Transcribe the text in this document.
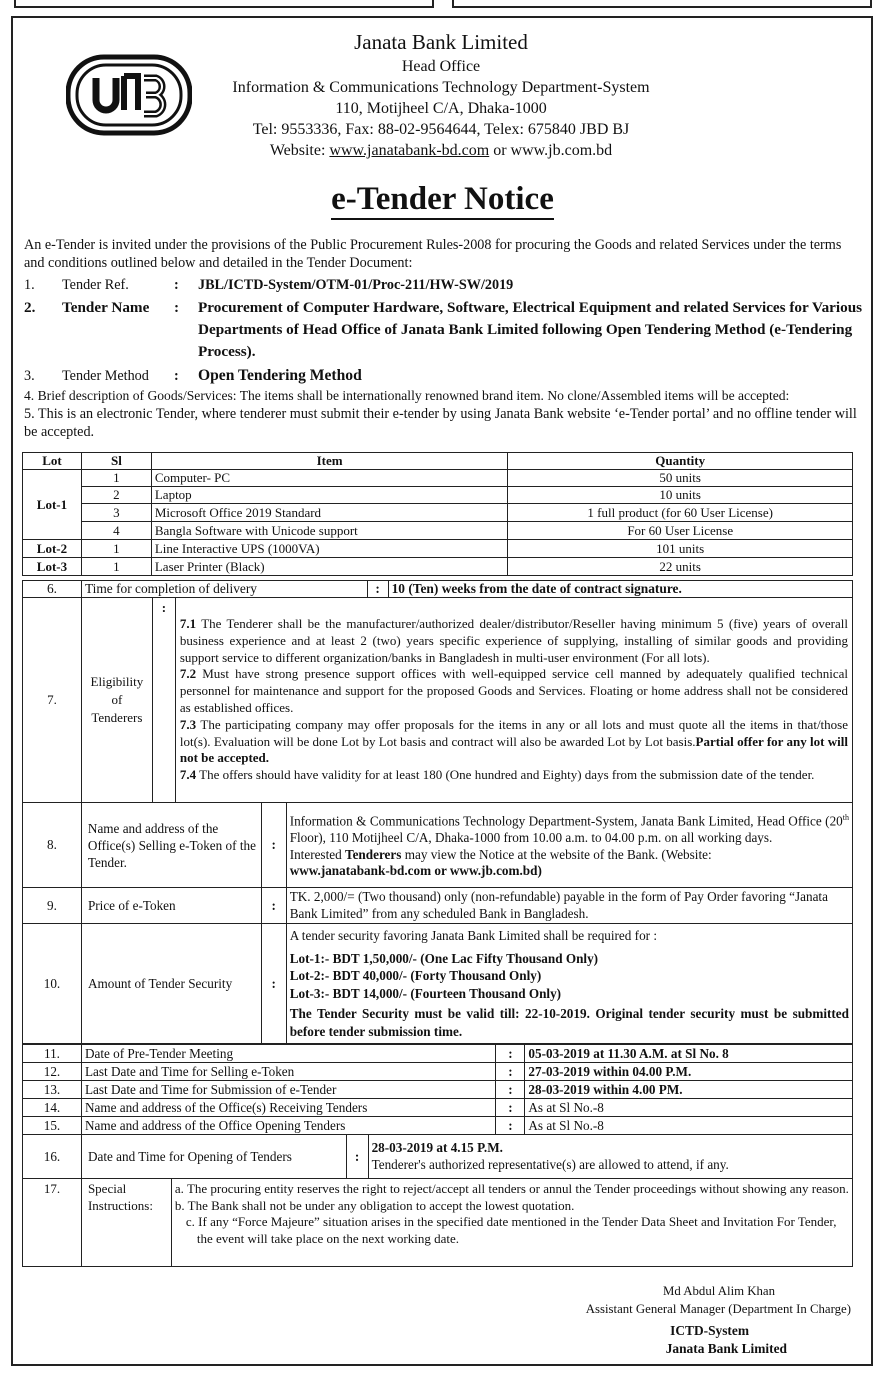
Janata Bank Limited
Head Office
Information & Communications Technology Department-System
110, Motijheel C/A, Dhaka-1000
Tel: 9553336, Fax: 88-02-9564644, Telex: 675840 JBD BJ
Website: www.janatabank-bd.com or www.jb.com.bd
e-Tender Notice
An e-Tender is invited under the provisions of the Public Procurement Rules-2008 for procuring the Goods and related Services under the terms and conditions outlined below and detailed in the Tender Document:
1. Tender Ref.	: JBL/ICTD-System/OTM-01/Proc-211/HW-SW/2019
2. Tender Name : Procurement of Computer Hardware, Software, Electrical Equipment and related Services for Various Departments of Head Office of Janata Bank Limited following Open Tendering Method (e-Tendering Process).
3. Tender Method : Open Tendering Method
4. Brief description of Goods/Services: The items shall be internationally renowned brand item. No clone/Assembled items will be accepted:
5. This is an electronic Tender, where tenderer must submit their e-tender by using Janata Bank website ‘e-Tender portal’ and no offline tender will be accepted.
Lot	Sl	Item	Quantity
Lot-1	1	Computer- PC	50 units
	2	Laptop	10 units
	3	Microsoft Office 2019 Standard	1 full product (for 60 User License)
	4	Bangla Software with Unicode support	For 60 User License
Lot-2	1	Line Interactive UPS (1000VA)	101 units
Lot-3	1	Laser Printer (Black)	22 units
6.	Time for completion of delivery	:	10 (Ten) weeks from the date of contract signature.
7.	Eligibility of Tenderers	:	7.1 The Tenderer shall be the manufacturer/authorized dealer/distributor/Reseller having minimum 5 (five) years of overall business experience and at least 2 (two) years specific experience of supplying, installing of similar goods and providing support service to different organization/banks in Bangladesh in multi-user environment (For all lots).
7.2 Must have strong presence support offices with well-equipped service cell manned by adequately qualified technical personnel for maintenance and support for the proposed Goods and Services. Floating or home address shall not be considered as established offices.
7.3 The participating company may offer proposals for the items in any or all lots and must quote all the items in that/those lot(s). Evaluation will be done Lot by Lot basis and contract will also be awarded Lot by Lot basis.Partial offer for any lot will not be accepted.
7.4 The offers should have validity for at least 180 (One hundred and Eighty) days from the submission date of the tender.
8.	Name and address of the Office(s) Selling e-Token of the Tender.	:	Information & Communications Technology Department-System, Janata Bank Limited, Head Office (20th Floor), 110 Motijheel C/A, Dhaka-1000 from 10.00 a.m. to 04.00 p.m. on all working days.
Interested Tenderers may view the Notice at the website of the Bank. (Website:
www.janatabank-bd.com or www.jb.com.bd)
9.	Price of e-Token	:	TK. 2,000/= (Two thousand) only (non-refundable) payable in the form of Pay Order favoring “Janata Bank Limited” from any scheduled Bank in Bangladesh.
10.	Amount of Tender Security	:	
A tender security favoring Janata Bank Limited shall be required for :
Lot-1:- BDT 1,50,000/- (One Lac Fifty Thousand Only)
Lot-2:- BDT 40,000/- (Forty Thousand Only)
Lot-3:- BDT 14,000/- (Fourteen Thousand Only)
The Tender Security must be valid till: 22-10-2019. Original tender security must be submitted before tender submission time.
11.	Date of Pre-Tender Meeting	:	05-03-2019 at 11.30 A.M. at Sl No. 8
12.	Last Date and Time for Selling e-Token	:	27-03-2019 within 04.00 P.M.
13.	Last Date and Time for Submission of e-Tender	:	28-03-2019 within 4.00 PM.
14.	Name and address of the Office(s) Receiving Tenders	:	As at Sl No.-8
15.	Name and address of the Office Opening Tenders	:	As at Sl No.-8
16.	Date and Time for Opening of Tenders	:	
28-03-2019 at 4.15 P.M.
Tenderer's authorized representative(s) are allowed to attend, if any.
17.	Special Instructions:	
a. The procuring entity reserves the right to reject/accept all tenders or annul the Tender proceedings without showing any reason.
b. The Bank shall not be under any obligation to accept the lowest quotation.
c. If any “Force Majeure” situation arises in the specified date mentioned in the Tender Data Sheet and Invitation For Tender, the event will take place on the next working date.
Md Abdul Alim Khan
Assistant General Manager (Department In Charge)
ICTD-System
Janata Bank Limited
